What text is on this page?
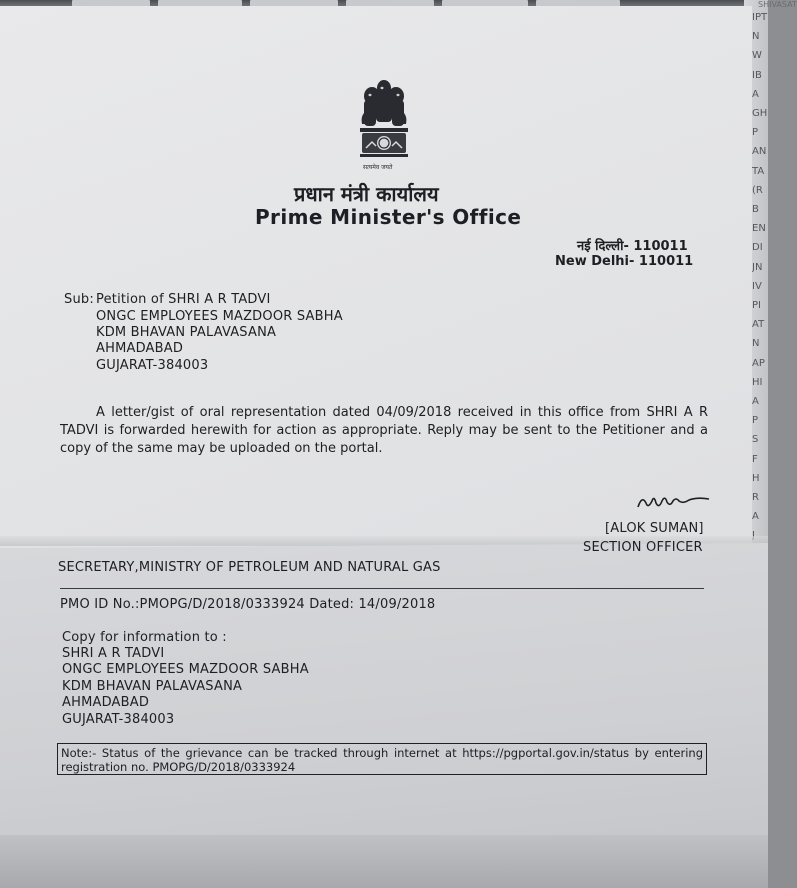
SHIVASAT
IPT
N
W
IB
A
GH
P
AN
TA
(R
B
EN
DI
JN
IV
PI
AT
N
AP
HI
A
P
S
F
H
R
A
सत्यमेव जयते
प्रधान मंत्री कार्यालय
Prime Minister's Office
नई दिल्ली- 110011
New Delhi- 110011
Sub: Petition of SHRI A R TADVI
ONGC EMPLOYEES MAZDOOR SABHA
KDM BHAVAN PALAVASANA
AHMADABAD
GUJARAT-384003
A letter/gist of oral representation dated 04/09/2018 received in this office from SHRI A R TADVI is forwarded herewith for action as appropriate. Reply may be sent to the Petitioner and a copy of the same may be uploaded on the portal.
[ALOK SUMAN]
SECTION OFFICER
SECRETARY,MINISTRY OF PETROLEUM AND NATURAL GAS
PMO ID No.:PMOPG/D/2018/0333924 Dated: 14/09/2018
Copy for information to :
SHRI A R TADVI
ONGC EMPLOYEES MAZDOOR SABHA
KDM BHAVAN PALAVASANA
AHMADABAD
GUJARAT-384003
Note:- Status of the grievance can be tracked through internet at https://pgportal.gov.in/status by entering registration no. PMOPG/D/2018/0333924
